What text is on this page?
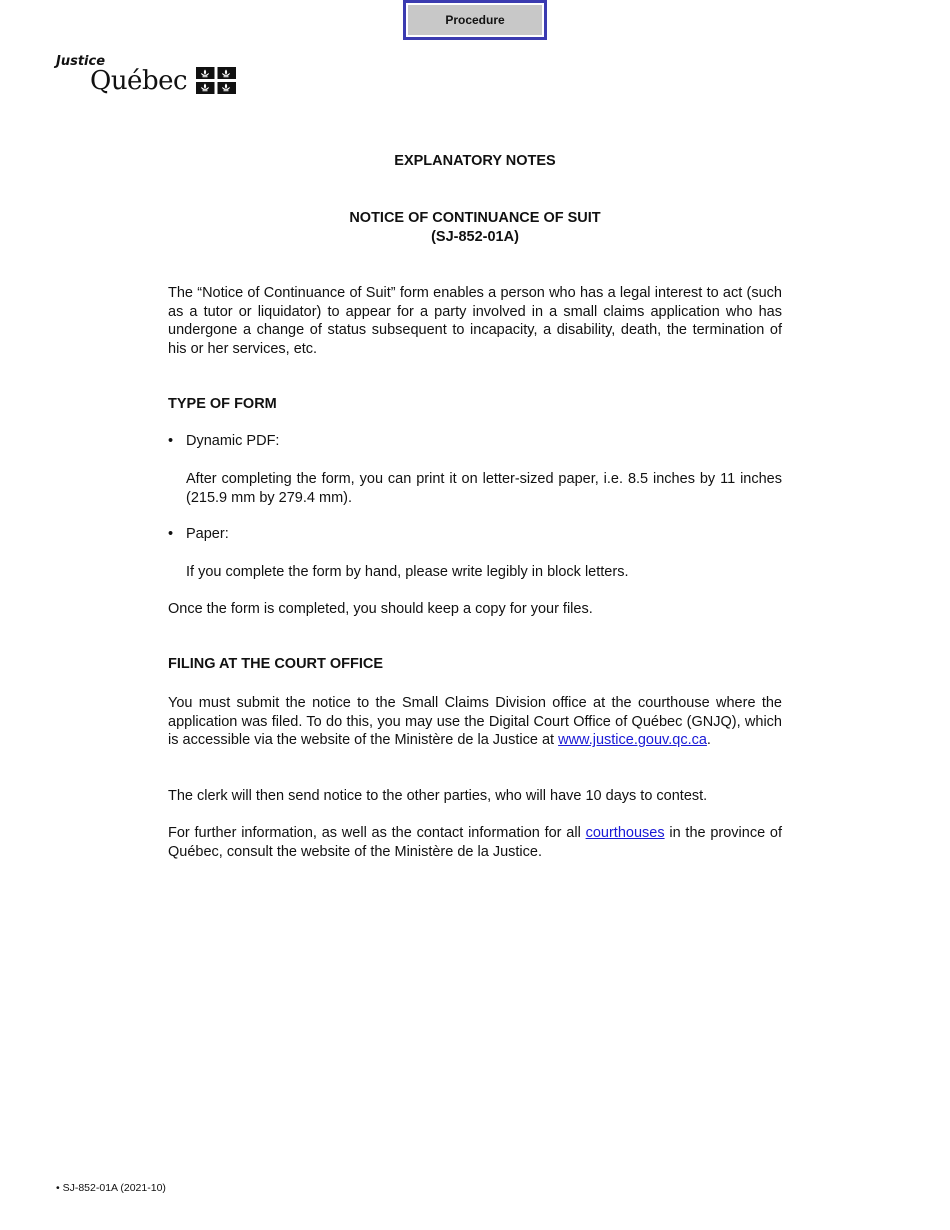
Procedure
Justice
Québec
EXPLANATORY NOTES
NOTICE OF CONTINUANCE OF SUIT
(SJ-852-01A)

The “Notice of Continuance of Suit” form enables a person who has a legal interest to act (such as a tutor or liquidator) to appear for a party involved in a small claims application who has undergone a change of status subsequent to incapacity, a disability, death, the termination of his or her services, etc.

TYPE OF FORM
• Dynamic PDF:

After completing the form, you can print it on letter-sized paper, i.e. 8.5 inches by 11 inches (215.9 mm by 279.4 mm).

• Paper:

If you complete the form by hand, please write legibly in block letters.

Once the form is completed, you should keep a copy for your files.

FILING AT THE COURT OFFICE

You must submit the notice to the Small Claims Division office at the courthouse where the application was filed. To do this, you may use the Digital Court Office of Québec (GNJQ), which is accessible via the website of the Ministère de la Justice at www.justice.gouv.qc.ca.

The clerk will then send notice to the other parties, who will have 10 days to contest.

For further information, as well as the contact information for all courthouses in the province of Québec, consult the website of the Ministère de la Justice.

• SJ-852-01A (2021-10)
